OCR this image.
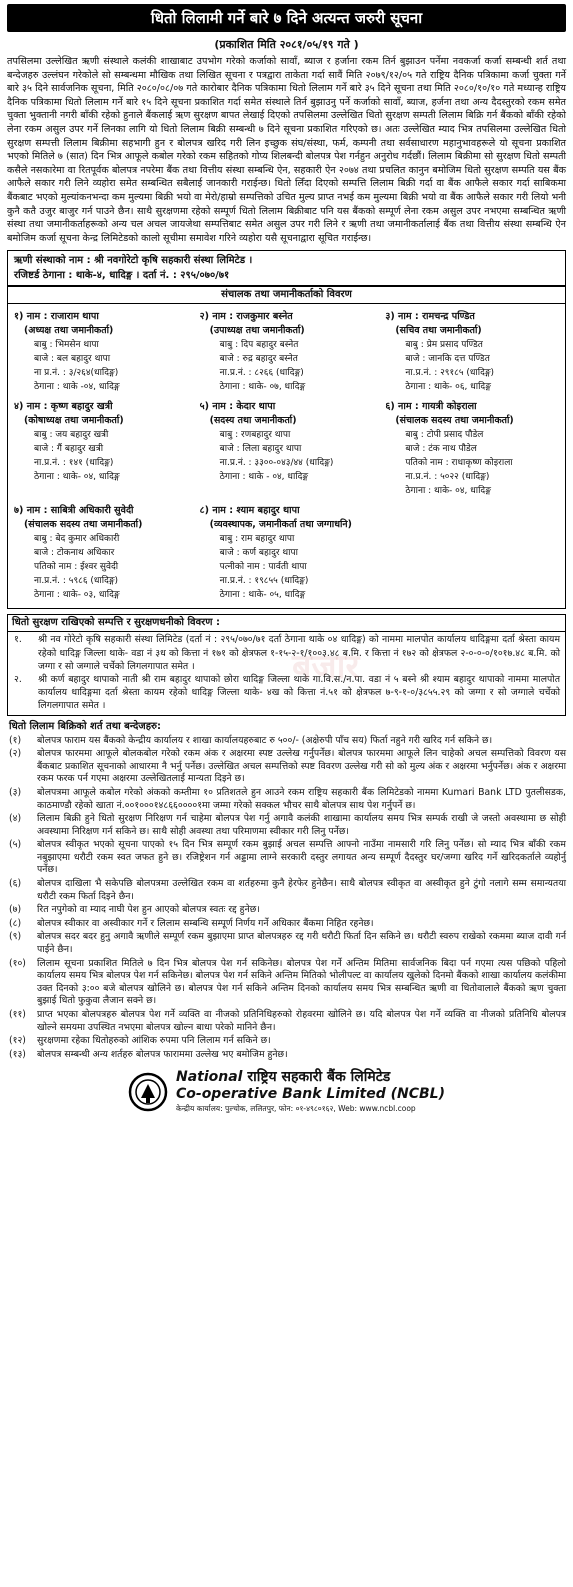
धितो लिलामी गर्ने बारे ७ दिने अत्यन्त जरुरी सूचना
(प्रकाशित मिति २०८१/०५/१९ गते )

तपसिलमा उल्लेखित ऋणी संस्थाले कलंकी शाखाबाट उपभोग गरेको कर्जाको सावाँ, ब्याज र हर्जाना रकम तिर्न बुझाउन पर्नेमा नवकर्जा कर्जा सम्बन्धी शर्त तथा बन्देजहरु उल्लंघन गरेकोले सो सम्बन्धमा मौखिक तथा लिखित सूचना र पत्रद्वारा ताकेता गर्दा सावैं मिति २०७९/१२/०५ गते राष्ट्रिय दैनिक पत्रिकामा कर्जा चुक्ता गर्ने बारे ३५ दिने सार्वजनिक सूचना, मिति २०८०/०८/०७ गते कारोबार दैनिक पत्रिकामा धितो लिलाम गर्ने बारे ३५ दिने सूचना तथा मिति २०८०/१०/१० गते मध्यान्ह राष्ट्रिय दैनिक पत्रिकामा धितो लिलाम गर्ने बारे १५ दिने सूचना प्रकाशित गर्दा समेत संस्थाले तिर्न बुझाउनु पर्ने कर्जाको सावाँ, ब्याज, हर्जना तथा अन्य दैदस्तुरको रकम समेत चुक्ता भुक्तानी नगरी बाँकी रहेको हुनाले बैंकलाई ऋण सुरक्षण बापत लेखाई दिएको तपसिलमा उल्लेखित धितो सुरक्षण सम्पती लिलाम बिक्रि गर्न बैंकको बाँकी रहेको लेना रकम असुल उपर गर्ने लिनका लागि यो धितो लिलाम बिक्री सम्बन्धी ७ दिने सूचना प्रकाशित गरिएको छ। अतः उल्लेखित म्याद भित्र तपसिलमा उल्लेखित धितो सुरक्षण सम्पत्ती लिलाम बिक्रीमा सहभागी हुन र बोलपत्र खरिद गरी लिन इच्छुक संघ/संस्था, फर्म, कम्पनी तथा सर्वसाधारण महानुभावहरूले यो सूचना प्रकाशित भएको मितिले ७ (सात) दिन भित्र आफूले कबोल गरेको रकम सहितको गोप्य शिलबन्दी बोलपत्र पेश गर्नहुन अनुरोध गर्दछौं। लिलाम बिक्रीमा सो सुरक्षण धितो सम्पती कसैले नसकारेमा वा रितपूर्वक बोलपत्र नपरेमा बैंक तथा वित्तीय संस्था सम्बन्धि ऐन, सहकारी ऐन २०७४ तथा प्रचलित कानुन बमोजिम धितो सुरक्षण सम्पति यस बैंक आफैले सकार गरी लिने व्यहोरा समेत सम्बन्धित सबैलाई जानकारी गराईन्छ। धितो लिँदा दिएको सम्पत्ति लिलाम बिक्री गर्दा वा बैंक आफैले सकार गर्दा साबिकमा बैंकबाट भएको मुल्यांकनभन्दा कम मुल्यमा बिक्री भयो वा मेरो/हाम्रो सम्पत्तिको उचित मुल्य प्राप्त नभई कम मुल्यमा बिक्री भयो वा बैंक आफैले सकार गरी लियो भनी कुनै कतै उजुर बाजुर गर्न पाउने छैन। साथै सुरक्षणमा रहेको सम्पूर्ण धितो लिलाम बिक्रीबाट पनि यस बैंकको सम्पूर्ण लेना रकम असुल उपर नभएमा सम्बन्धित ऋणी संस्था तथा जमानीकर्ताहरूको अन्य चल अचल जायजेथा सम्पत्तिबाट समेत असुल उपर गरी लिने र ऋणी तथा जमानीकर्तालाई बैंक तथा वित्तीय संस्था सम्बन्धि ऐन बमोजिम कर्जा सूचना केन्द्र लिमिटेडको कालो सूचीमा समावेश गरिने व्यहोरा यसै सूचनाद्वारा सूचित गराईन्छ।

ऋणी संस्थाको नाम : श्री नवगोरेटो कृषि सहकारी संस्था लिमिटेड ।
रजिष्टर्ड ठेगाना : थाके-४, धादिङ्ग । दर्ता नं. : २९५/०७०/७१
संचालक तथा जमानीकर्ताको विवरण
१) नाम : राजाराम थापा
(अध्यक्ष तथा जमानीकर्ता)
बाबु : भिमसेन थापा
बाजे : बल बहादुर थापा
ना प्र.नं. : ३/२६४(धादिङ्ग)
ठेगाना : थाके -०४, धादिङ्ग
२) नाम : राजकुमार बस्नेत
(उपाध्यक्ष तथा जमानीकर्ता)
बाबु : दिप बहादुर बस्नेत
बाजे : रुद्र बहादुर बस्नेत
ना.प्र.नं. : ८२६६ (धादिङ्ग)
ठेगाना : थाके- ०७, धादिङ्ग
३) नाम : रामचन्द्र पण्डित
(सचिव तथा जमानीकर्ता)
बाबु : प्रेम प्रसाद पण्डित
बाजे : जानकि दत्त पण्डित
ना.प्र.नं. : २९१८५ (धादिङ्ग)
ठेगाना : थाके- ०६, धादिङ्ग
४) नाम : कृष्ण बहादुर खत्री
(कोषाध्यक्ष तथा जमानीकर्ता)
बाबु : जय बहादुर खत्री
बाजे : गैं बहादुर खत्री
ना.प्र.नं. : १४१ (धादिङ्ग)
ठेगाना : थाके- ०४, धादिङ्ग
५) नाम : केदार थापा
(सदस्य तथा जमानीकर्ता)
बाबु : रणबहादुर थापा
बाजे : लिला बहादुर थापा
ना.प्र.नं. : ३३००-०४३/४४ (धादिङ्ग)
ठेगाना : थाके - ०४, धादिङ्ग
६) नाम : गायत्री कोइराला
(संचालक सदस्य तथा जमानीकर्ता)
बाबु : टोपी प्रसाद पौडेल
बाजे : टंक नाथ पौडेल
पतिको नाम : राधाकृष्ण कोइराला
ना.प्र.नं. : ५०२२ (धादिङ्ग)
ठेगाना : थाके- ०४, धादिङ्ग
७) नाम : साबित्री अधिकारी सुवेदी
(संचालक सदस्य तथा जमानीकर्ता)
बाबु : बेद कुमार अधिकारी
बाजे : टोकनाथ अधिकार
पतिको नाम : ईश्वर सुवेदी
ना.प्र.नं. : ५९८६ (धादिङ्ग)
ठेगाना : थाके- ०३, धादिङ्ग
८) नाम : श्याम बहादुर थापा
(व्यवस्थापक, जमानीकर्ता तथा जग्गाधनि)
बाबु : राम बहादुर थापा
बाजे : कर्ण बहादुर थापा
पत्नीको नाम : पार्वती थापा
ना.प्र.नं. : १९८५५ (धादिङ्ग)
ठेगाना : थाके- ०५, धादिङ्ग
बजार
धितो सुरक्षण राखिएको सम्पत्ति र सुरक्षणधनीको विवरण :
१.	श्री नव गोरेटो कृषि सहकारी संस्था लिमिटेड (दर्ता नं : २९५/०७०/७१ दर्ता ठेगाना थाके ०४ धादिङ्ग) को नाममा मालपोत कार्यालय धादिङ्गमा दर्ता श्रेस्ता कायम रहेको धादिङ्ग जिल्ला थाके- वडा नं ३ध को कित्ता नं १७१ को क्षेत्रफल १-१५-२-१/१००३.४८ ब.मि. र कित्ता नं १७२ को क्षेत्रफल २-०-०-०/१०१७.४८ ब.मि. को जग्गा र सो जग्गाले चर्चेको लिगलगापात समेत ।
२.	श्री कर्ण बहादुर थापाको नाती श्री राम बहादुर थापाको छोरा धादिङ्ग जिल्ला थाके गा.वि.स./न.पा. वडा नं ५ बस्ने श्री श्याम बहादुर थापाको नाममा मालपोत कार्यालय धादिङ्गमा दर्ता श्रेस्ता कायम रहेको धादिङ्ग जिल्ला थाके- ४ख को कित्ता नं.५१ को क्षेत्रफल ७-९-१-०/३८५५.२९ को जग्गा र सो जग्गाले चर्चेको लिगलगापात समेत ।
धितो लिलाम बिक्रिको शर्त तथा बन्देजहरु:
(१)	बोलपत्र फाराम यस बैंकको केन्द्रीय कार्यालय र शाखा कार्यालयहरुबाट रु ५००/- (अक्षेरुपी पाँच सय) फिर्ता नहुने गरी खरिद गर्न सकिने छ।
(२)	बोलपत्र फारममा आफूले बोलकबोल गरेको रकम अंक र अक्षरमा स्पष्ट उल्लेख गर्नुपर्नेछ। बोलपत्र फारममा आफूले लिन चाहेको अचल सम्पत्तिको विवरण यस बैंकबाट प्रकाशित सूचनाको आधारमा नै भर्नु पर्नेछ। उल्लेखित अचल सम्पत्तिको स्पष्ट विवरण उल्लेख गरी सो को मुल्य अंक र अक्षरमा भर्नुपर्नेछ। अंक र अक्षरमा रकम फरक पर्न गएमा अक्षरमा उल्लेखितलाई मान्यता दिइने छ।
(३)	बोलपत्रमा आफूले कबोल गरेको अंकको कम्तीमा १० प्रतिशतले हुन आउने रकम राष्ट्रिय सहकारी बैंक लिमिटेडको नाममा Kumari Bank LTD पुतलीसडक, काठमाण्डौ रहेको खाता नं.००१०००१४८६६००००१मा जम्मा गरेको सक्कल भौचर साथै बोलपत्र साथ पेश गर्नुपर्ने छ।
(४)	लिलाम बिक्री हुने धितो सुरक्षण निरिक्षण गर्न चाहेमा बोलपत्र पेश गर्नु अगावै कलंकी शाखामा कार्यालय समय भित्र सम्पर्क राखी जे जस्तो अवस्थामा छ सोही अवस्थामा निरिक्षण गर्न सकिने छ। साथै सोही अवस्था तथा परिमाणमा स्वीकार गरी लिनु पर्नेछ।
(५)	बोलपत्र स्वीकृत भएको सूचना पाएको १५ दिन भित्र सम्पूर्ण रकम बुझाई अचल सम्पत्ति आफ्नो नाउँमा नामसारी गरि लिनु पर्नेछ। सो म्याद भित्र बाँकी रकम नबुझाएमा धरौटी रकम स्वत जफत हुने छ। रजिष्ट्रेशन गर्न अड्डामा लाग्ने सरकारी दस्तुर लगायत अन्य सम्पूर्ण दैदस्तुर घर/जग्गा खरिद गर्ने खरिदकर्ताले व्यहोर्नु पर्नेछ।
(६)	बोलपत्र दाखिला भै सकेपछि बोलपत्रमा उल्लेखित रकम वा शर्तहरुमा कुनै हेरफेर हुनेछैन। साथै बोलपत्र स्वीकृत वा अस्वीकृत हुने टुंगो नलागे सम्म समान्यतया धरौटी रकम फिर्ता दिइने छैन।
(७)	रित नपुगेको वा म्याद नाघी पेश हुन आएको बोलपत्र स्वतः रद्द हुनेछ।
(८)	बोलपत्र स्वीकार वा अस्वीकार गर्ने र लिलाम सम्बन्धि सम्पूर्ण निर्णय गर्ने अधिकार बैंकमा निहित रहनेछ।
(९)	बोलपत्र सदर बदर हुनु अगावै ऋणीले सम्पूर्ण रकम बुझाएमा प्राप्त बोलपत्रहरु रद्द गरी धरौटी फिर्ता दिन सकिने छ। धरौटी स्वरुप राखेको रकममा ब्याज दावी गर्न पाईने छैन।
(१०)	लिलाम सूचना प्रकाशित मितिले ७ दिन भित्र बोलपत्र पेश गर्न सकिनेछ। बोलपत्र पेश गर्ने अन्तिम मितिमा सार्वजनिक बिदा पर्न गएमा त्यस पछिको पहिलो कार्यालय समय भित्र बोलपत्र पेश गर्न सकिनेछ। बोलपत्र पेश गर्न सकिने अन्तिम मितिको भोलीपल्ट वा कार्यालय खुलेको दिनमो बैंकको शाखा कार्यालय कलंकीमा उक्त दिनको ३:०० बजे बोलपत्र खोलिने छ। बोलपत्र पेश गर्न सकिने अन्तिम दिनको कार्यालय समय भित्र सम्बन्धित ऋणी वा धितोवालाले बैंकको ऋण चुक्ता बुझाई धितो फुकुवा लैजान सक्ने छ।
(११)	प्राप्त भएका बोलपत्रहरु बोलपत्र पेश गर्ने व्यक्ति वा नीजको प्रतिनिधिहरुको रोहवरमा खोलिने छ। यदि बोलपत्र पेश गर्ने व्यक्ति वा नीजको प्रतिनिधि बोलपत्र खोल्ने समयमा उपस्थित नभएमा बोलपत्र खोल्न बाधा परेको मानिने छैन।
(१२)	सुरक्षणमा रहेका धितोहरुको आंशिक रुपमा पनि लिलाम गर्न सकिने छ।
(१३)	बोलपत्र सम्बन्धी अन्य शर्तहरु बोलपत्र फाराममा उल्लेख भए बमोजिम हुनेछ।
National राष्ट्रिय सहकारी बैंक लिमिटेड
Co-operative Bank Limited (NCBL)
केन्द्रीय कार्यालय: पुल्चोक, ललितपुर, फोन: ०१-४९८०१६२, Web: www.ncbl.coop
